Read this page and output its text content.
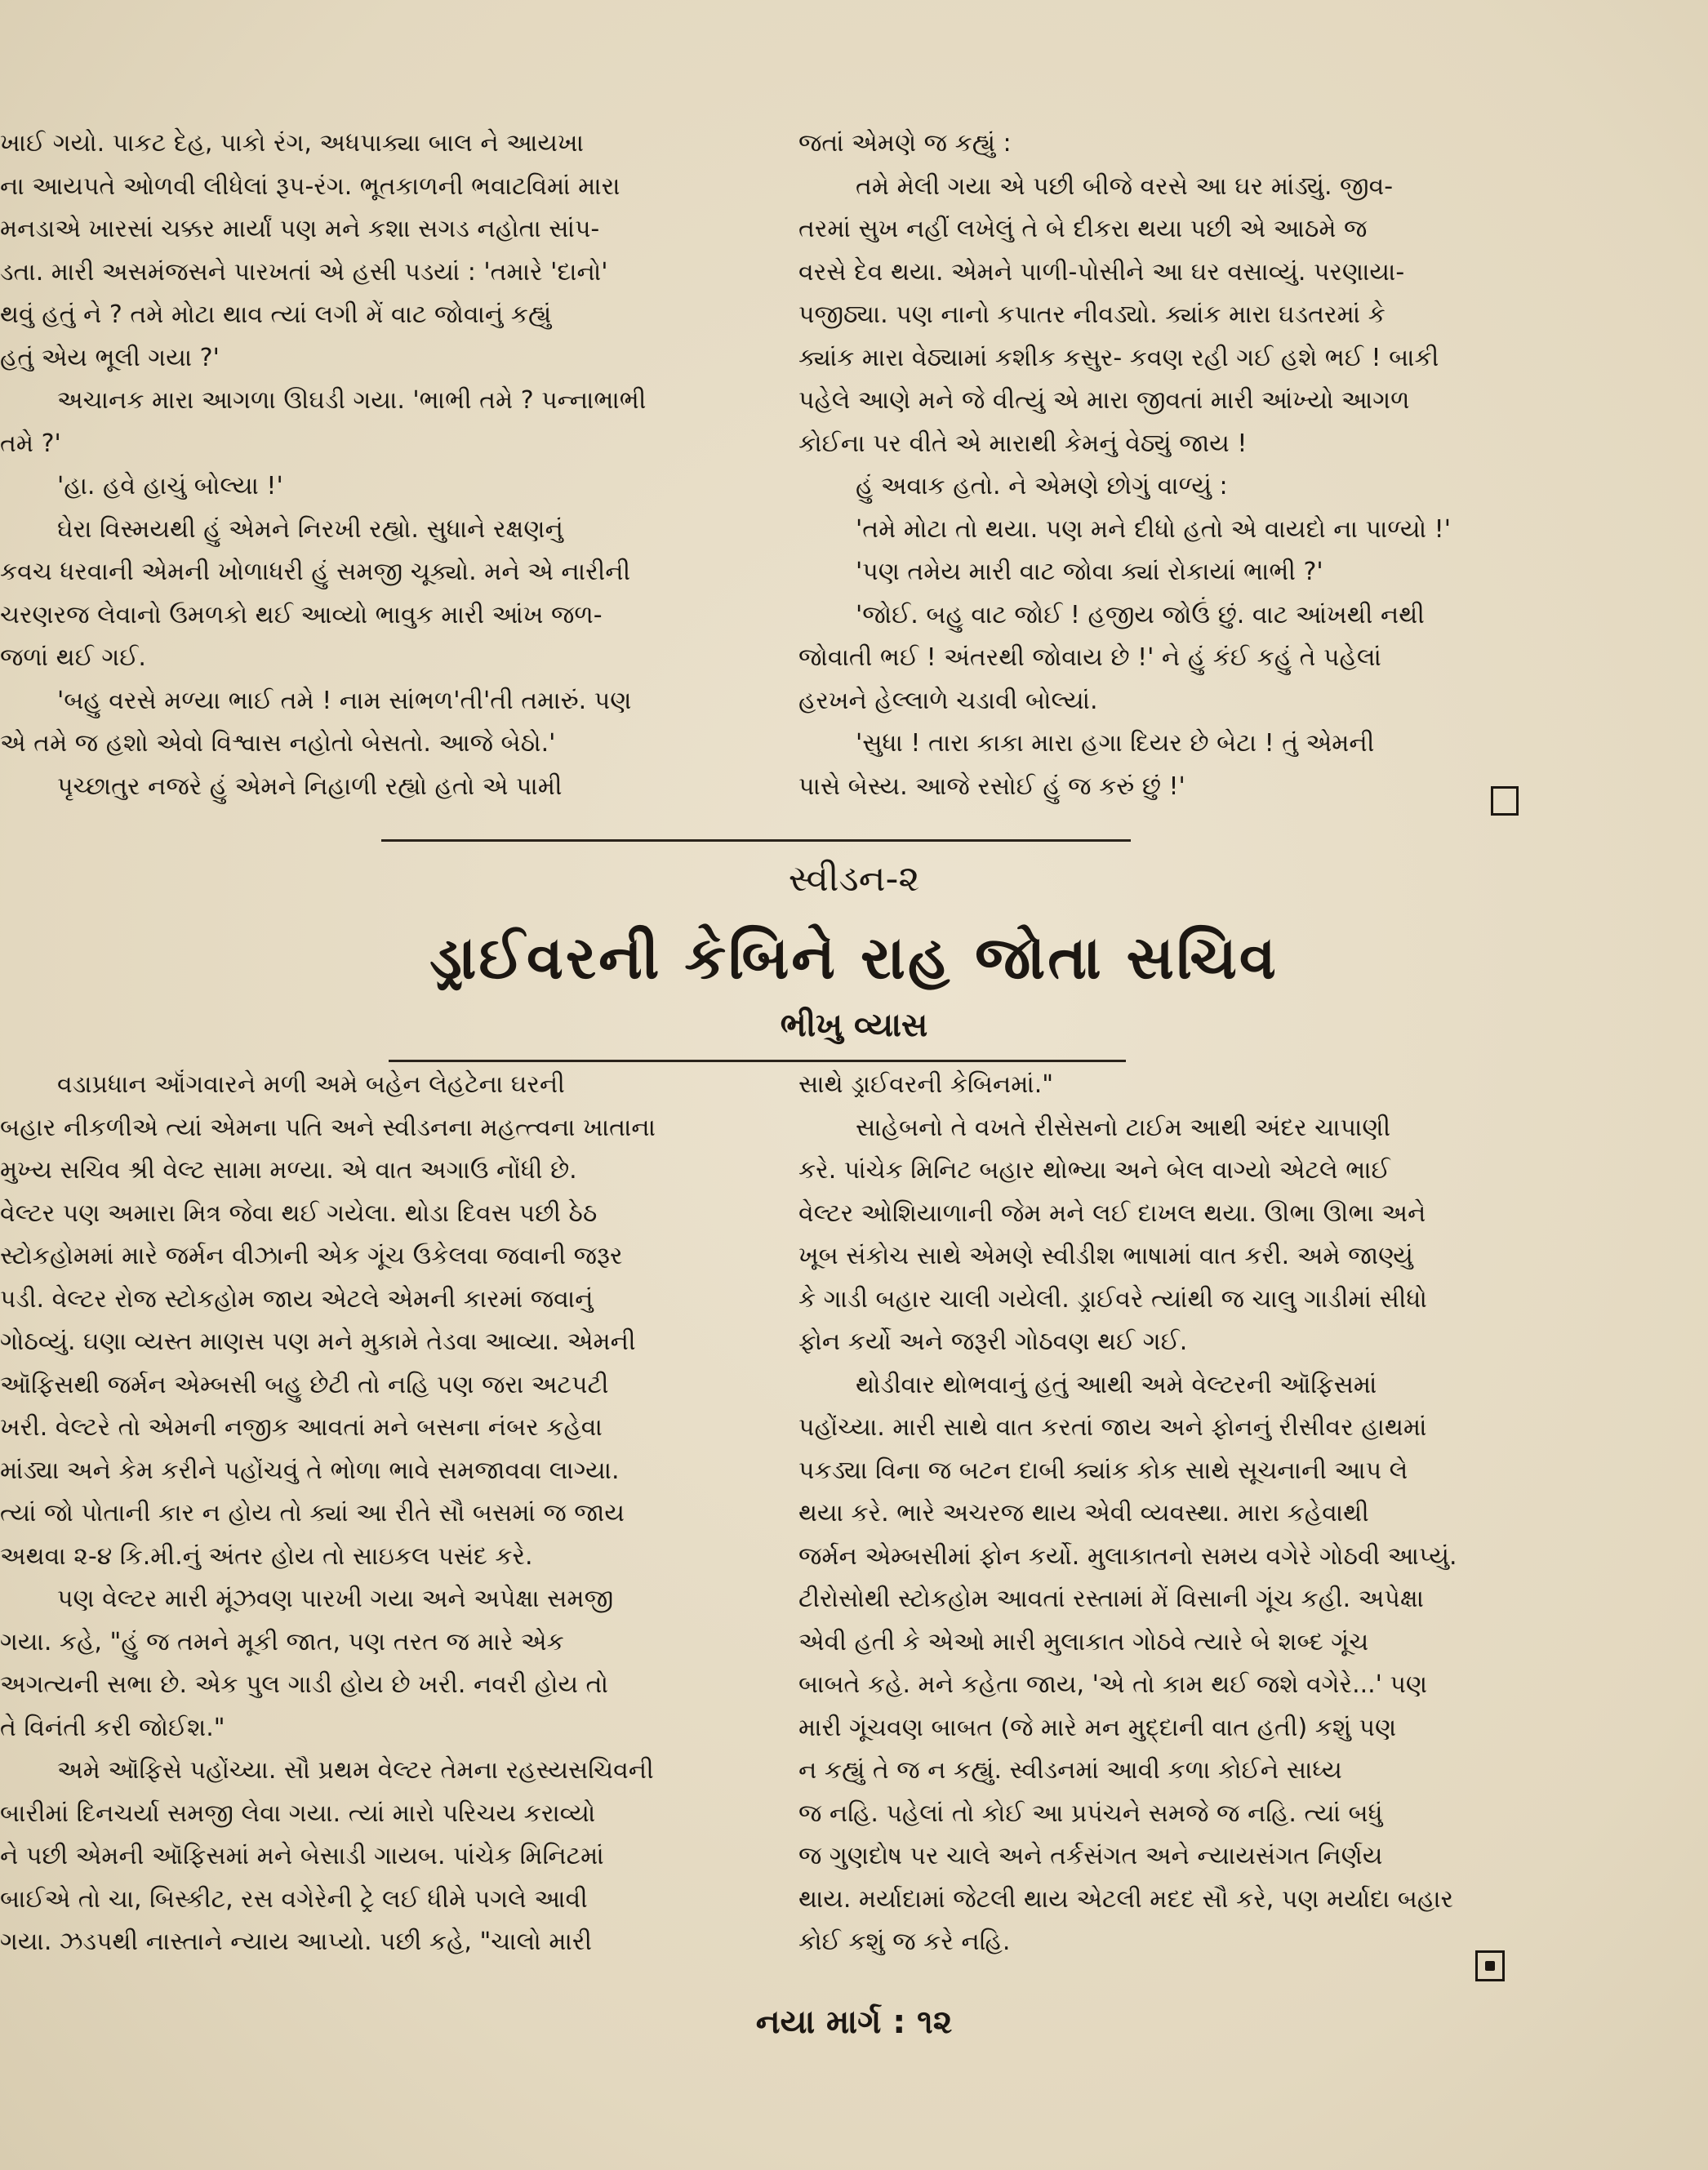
ખાઈ ગયો. પાકટ દેહ, પાકો રંગ, અધપાક્યા બાલ ને આયખા
ના આયપતે ઓળવી લીધેલાં રૂપ-રંગ. ભૂતકાળની ભવાટવિમાં મારા
મનડાએ ખારસાં ચક્કર માર્યાં પણ મને કશા સગડ નહોતા સાંપ-
ડતા. મારી અસમંજસને પારખતાં એ હસી પડયાં : 'તમારે 'દાનો'
થવું હતું ને ? તમે મોટા થાવ ત્યાં લગી મેં વાટ જોવાનું કહ્યું
હતું એય ભૂલી ગયા ?'

અચાનક મારા આગળા ઊઘડી ગયા. 'ભાભી તમે ? પન્નાભાભી
તમે ?'

'હા. હવે હાચું બોલ્યા !'

ઘેરા વિસ્મયથી હું એમને નિરખી રહ્યો. સુધાને રક્ષણનું
કવચ ધરવાની એમની ખોળાધરી હું સમજી ચૂક્યો. મને એ નારીની
ચરણરજ લેવાનો ઉમળકો થઈ આવ્યો ભાવુક મારી આંખ જળ-
જળાં થઈ ગઈ.

'બહુ વરસે મળ્યા ભાઈ તમે ! નામ સાંભળ'તી'તી તમારું. પણ
એ તમે જ હશો એવો વિશ્વાસ નહોતો બેસતો. આજે બેઠો.'

પૃચ્છાતુર નજરે હું એમને નિહાળી રહ્યો હતો એ પામી

જતાં એમણે જ કહ્યું :

તમે મેલી ગયા એ પછી બીજે વરસે આ ઘર માંડ્યું. જીવ-
તરમાં સુખ નહીં લખેલું તે બે દીકરા થયા પછી એ આઠમે જ
વરસે દેવ થયા. એમને પાળી-પોસીને આ ઘર વસાવ્યું. પરણાયા-
પજીઠ્યા. પણ નાનો કપાતર નીવડ્યો. ક્યાંક મારા ઘડતરમાં કે
ક્યાંક મારા વેઠ્યામાં કશીક કસુર- કવણ રહી ગઈ હશે ભઈ ! બાકી
પહેલે આણે મને જે વીત્યું એ મારા જીવતાં મારી આંખ્યો આગળ
કોઈના પર વીતે એ મારાથી કેમનું વેઠ્યું જાય !

હું અવાક હતો. ને એમણે છોગું વાળ્યું :

'તમે મોટા તો થયા. પણ મને દીધો હતો એ વાયદો ના પાળ્યો !'

'પણ તમેય મારી વાટ જોવા ક્યાં રોકાયાં ભાભી ?'

'જોઈ. બહુ વાટ જોઈ ! હજીય જોઉં છું. વાટ આંખથી નથી
જોવાતી ભઈ ! અંતરથી જોવાય છે !' ને હું કંઈ કહું તે પહેલાં
હરખને હેલ્લાળે ચડાવી બોલ્યાં.

'સુધા ! તારા કાકા મારા હગા દિયર છે બેટા ! તું એમની
પાસે બેસ્ય. આજે રસોઈ હું જ કરું છું !'

સ્વીડન-૨
ડ્રાઈવરની કેબિને રાહ જોતા સચિવ
ભીખુ વ્યાસ

વડાપ્રધાન ઑંગવારને મળી અમે બહેન લેહટેના ઘરની
બહાર નીકળીએ ત્યાં એમના પતિ અને સ્વીડનના મહત્ત્વના ખાતાના
મુખ્ય સચિવ શ્રી વેલ્ટ સામા મળ્યા. એ વાત અગાઉ નોંધી છે.
વેલ્ટર પણ અમારા મિત્ર જેવા થઈ ગયેલા. થોડા દિવસ પછી ઠેઠ
સ્ટોકહોમમાં મારે જર્મન વીઝાની એક ગૂંચ ઉકેલવા જવાની જરૂર
પડી. વેલ્ટર રોજ સ્ટોકહોમ જાય એટલે એમની કારમાં જવાનું
ગોઠવ્યું. ઘણા વ્યસ્ત માણસ પણ મને મુકામે તેડવા આવ્યા. એમની
ઑફિસથી જર્મન એમ્બસી બહુ છેટી તો નહિ પણ જરા અટપટી
ખરી. વેલ્ટરે તો એમની નજીક આવતાં મને બસના નંબર કહેવા
માંડ્યા અને કેમ કરીને પહોંચવું તે ભોળા ભાવે સમજાવવા લાગ્યા.
ત્યાં જો પોતાની કાર ન હોય તો ક્યાં આ રીતે સૌ બસમાં જ જાય
અથવા ૨-૪ કિ.મી.નું અંતર હોય તો સાઇકલ પસંદ કરે.

પણ વેલ્ટર મારી મૂંઝવણ પારખી ગયા અને અપેક્ષા સમજી
ગયા. કહે, "હું જ તમને મૂકી જાત, પણ તરત જ મારે એક
અગત્યની સભા છે. એક પુલ ગાડી હોય છે ખરી. નવરી હોય તો
તે વિનંતી કરી જોઈશ."

અમે ઑફિસે પહોંચ્યા. સૌ પ્રથમ વેલ્ટર તેમના રહસ્યસચિવની
બારીમાં દિનચર્યા સમજી લેવા ગયા. ત્યાં મારો પરિચય કરાવ્યો
ને પછી એમની ઑફિસમાં મને બેસાડી ગાયબ. પાંચેક મિનિટમાં
બાઈએ તો ચા, બિસ્કીટ, રસ વગેરેની ટ્રે લઈ ધીમે પગલે આવી
ગયા. ઝડપથી નાસ્તાને ન્યાય આપ્યો. પછી કહે, "ચાલો મારી

સાથે ડ્રાઈવરની કેબિનમાં."

સાહેબનો તે વખતે રીસેસનો ટાઈમ આથી અંદર ચાપાણી
કરે. પાંચેક મિનિટ બહાર થોભ્યા અને બેલ વાગ્યો એટલે ભાઈ
વેલ્ટર ઓશિયાળાની જેમ મને લઈ દાખલ થયા. ઊભા ઊભા અને
ખૂબ સંકોચ સાથે એમણે સ્વીડીશ ભાષામાં વાત કરી. અમે જાણ્યું
કે ગાડી બહાર ચાલી ગયેલી. ડ્રાઈવરે ત્યાંથી જ ચાલુ ગાડીમાં સીધો
ફોન કર્યો અને જરૂરી ગોઠવણ થઈ ગઈ.

થોડીવાર થોભવાનું હતું આથી અમે વેલ્ટરની ઑફિસમાં
પહોંચ્યા. મારી સાથે વાત કરતાં જાય અને ફોનનું રીસીવર હાથમાં
પકડ્યા વિના જ બટન દાબી ક્યાંક કોક સાથે સૂચનાની આપ લે
થયા કરે. ભારે અચરજ થાય એવી વ્યવસ્થા. મારા કહેવાથી
જર્મન એમ્બસીમાં ફોન કર્યો. મુલાકાતનો સમય વગેરે ગોઠવી આપ્યું.
ટીરોસોથી સ્ટોકહોમ આવતાં રસ્તામાં મેં વિસાની ગૂંચ કહી. અપેક્ષા
એવી હતી કે એઓ મારી મુલાકાત ગોઠવે ત્યારે બે શબ્દ ગૂંચ
બાબતે કહે. મને કહેતા જાય, 'એ તો કામ થઈ જશે વગેરે...' પણ
મારી ગૂંચવણ બાબત (જે મારે મન મુદ્દાની વાત હતી) કશું પણ
ન કહ્યું તે જ ન કહ્યું. સ્વીડનમાં આવી કળા કોઈને સાધ્ય
જ નહિ. પહેલાં તો કોઈ આ પ્રપંચને સમજે જ નહિ. ત્યાં બધું
જ ગુણદોષ પર ચાલે અને તર્કસંગત અને ન્યાયસંગત નિર્ણય
થાય. મર્યાદામાં જેટલી થાય એટલી મદદ સૌ કરે, પણ મર્યાદા બહાર
કોઈ કશું જ કરે નહિ.

નયા માર્ગ : ૧૨
